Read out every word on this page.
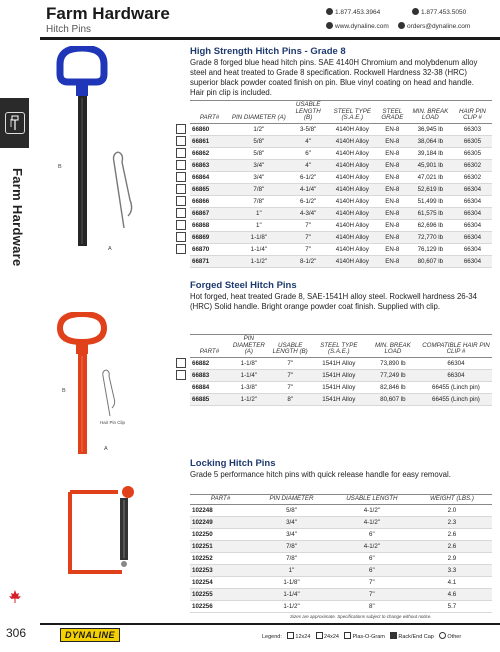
Farm Hardware
306
Farm Hardware
Hitch Pins
1.877.453.3964	1.877.453.5050
www.dynaline.com	orders@dynaline.com
B
A
High Strength Hitch Pins - Grade 8
Grade 8 forged blue head hitch pins. SAE 4140H Chromium and molybdenum alloy steel and heat treated to Grade 8 specification. Rockwell Hardness 32-38 (HRC) superior black powder coated finish on pin. Blue vinyl coating on head and handle. Hair pin clip is included.
PART#	PIN DIAMETER (A)	USABLE LENGTH (B)	STEEL TYPE (S.A.E.)	STEEL GRADE	MIN. BREAK LOAD	HAIR PIN CLIP #
66860	1/2"	3-5/8"	4140H Alloy	EN-8	36,945 lb	66303
66861	5/8"	4"	4140H Alloy	EN-8	38,064 lb	66305
66862	5/8"	6"	4140H Alloy	EN-8	39,184 lb	66305
66863	3/4"	4"	4140H Alloy	EN-8	45,901 lb	66302
66864	3/4"	6-1/2"	4140H Alloy	EN-8	47,021 lb	66302
66865	7/8"	4-1/4"	4140H Alloy	EN-8	52,619 lb	66304
66866	7/8"	6-1/2"	4140H Alloy	EN-8	51,499 lb	66304
66867	1"	4-3/4"	4140H Alloy	EN-8	61,575 lb	66304
66868	1"	7"	4140H Alloy	EN-8	62,696 lb	66304
66869	1-1/8"	7"	4140H Alloy	EN-8	72,770 lb	66304
66870	1-1/4"	7"	4140H Alloy	EN-8	76,129 lb	66304
66871	1-1/2"	8-1/2"	4140H Alloy	EN-8	80,607 lb	66304
Hair Pin Clip
B
A
Forged Steel Hitch Pins
Hot forged, heat treated Grade 8, SAE-1541H alloy steel. Rockwell hardness 26-34 (HRC) Solid handle. Bright orange powder coat finish. Supplied with clip.
PART#	PIN DIAMETER (A)	USABLE LENGTH (B)	STEEL TYPE (S.A.E.)	MIN. BREAK LOAD	COMPATIBLE HAIR PIN CLIP #
66882	1-1/8"	7"	1541H Alloy	73,890 lb	66304
66883	1-1/4"	7"	1541H Alloy	77,249 lb	66304
66884	1-3/8"	7"	1541H Alloy	82,846 lb	66455 (Linch pin)
66885	1-1/2"	8"	1541H Alloy	80,607 lb	66455 (Linch pin)
Locking Hitch Pins
Grade 5 performance hitch pins with quick release handle for easy removal.
PART#	PIN DIAMETER	USABLE LENGTH	WEIGHT (LBS.)
102248	5/8"	4-1/2"	2.0
102249	3/4"	4-1/2"	2.3
102250	3/4"	6"	2.6
102251	7/8"	4-1/2"	2.6
102252	7/8"	6"	2.9
102253	1"	6"	3.3
102254	1-1/8"	7"	4.1
102255	1-1/4"	7"	4.6
102256	1-1/2"	8"	5.7
Sizes are approximate. Specifications subject to change without notice.
DYNALINE	Legend: 12x24 24x24 Plas-O-Gram Rack/End Cap Other
